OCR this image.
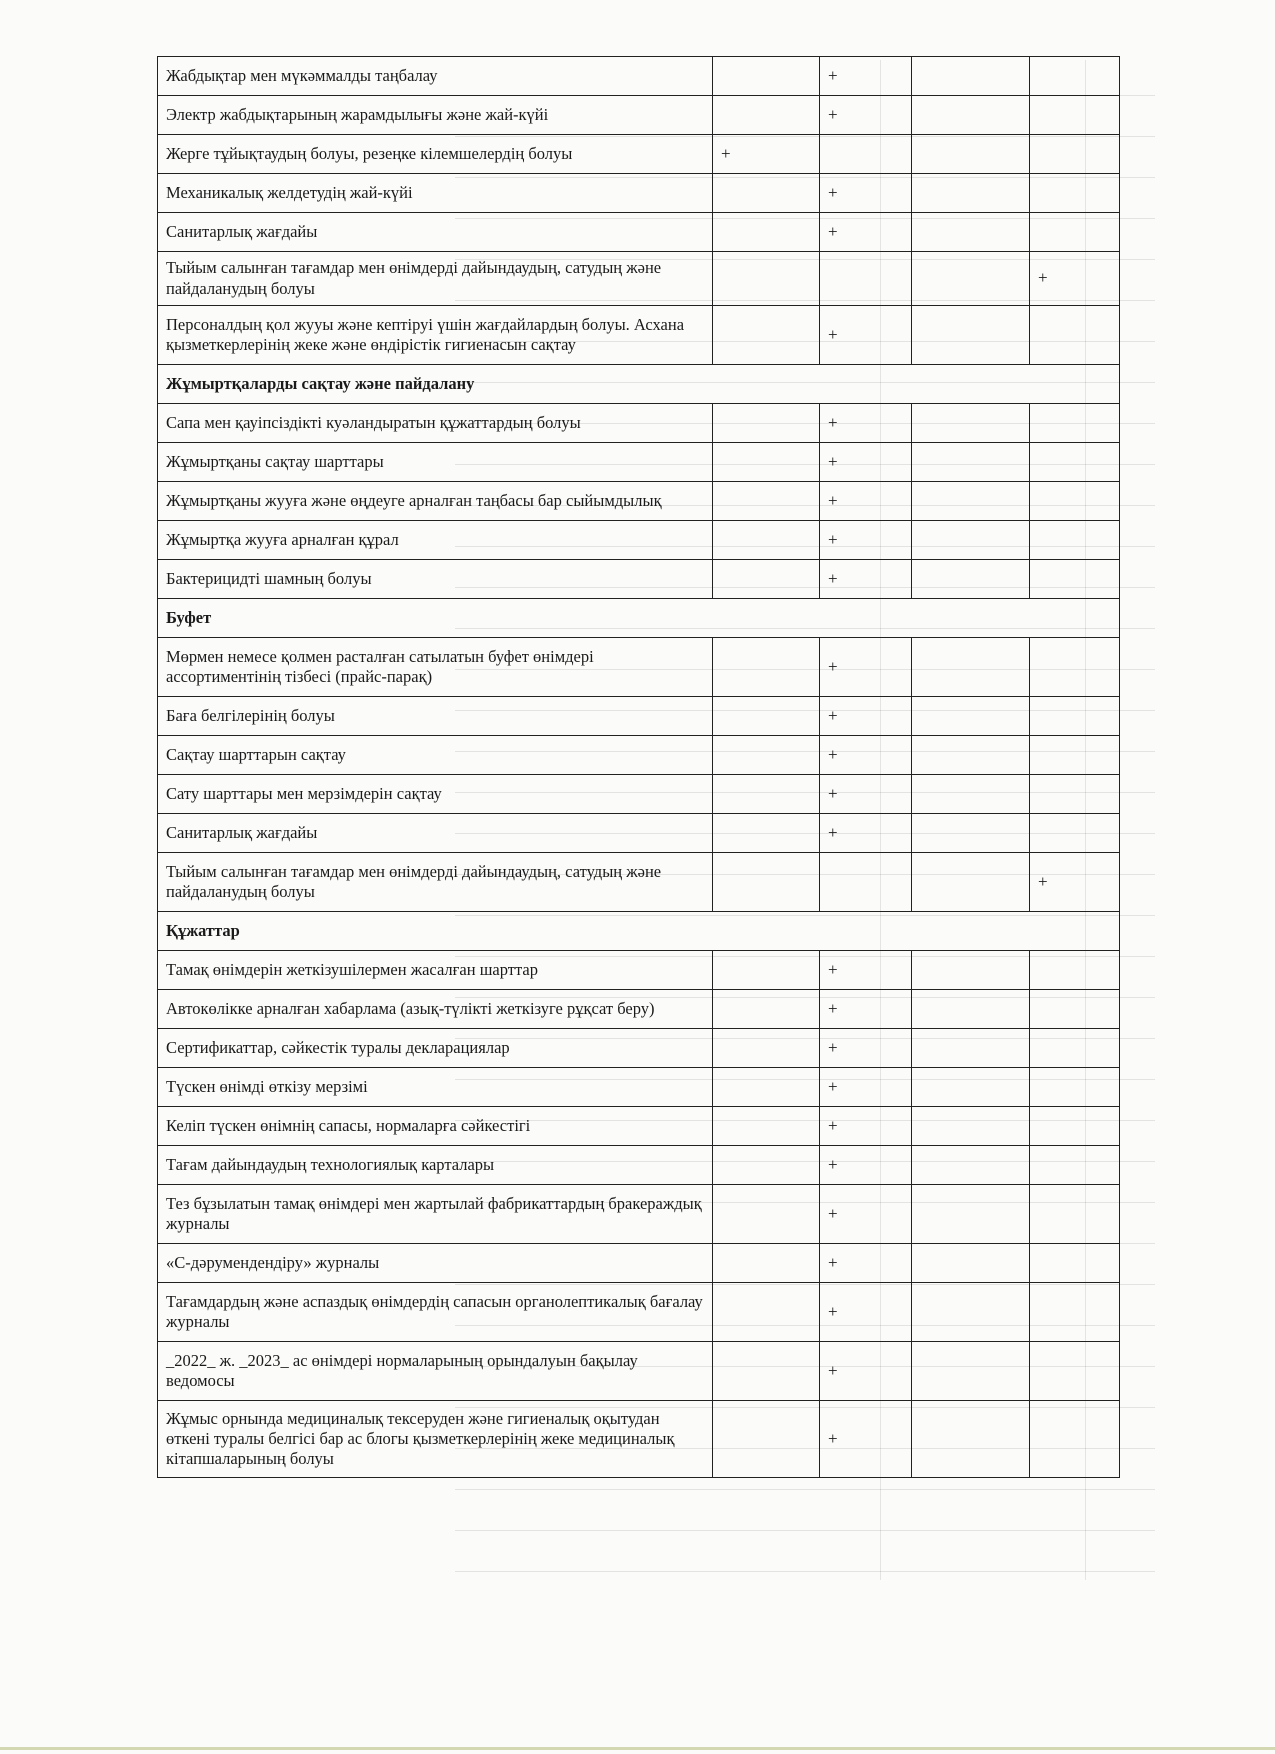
Жабдықтар мен мүкәммалды таңбалау		+		
Электр жабдықтарының жарамдылығы және жай-күйі		+		
Жерге тұйықтаудың болуы, резеңке кілемшелердің болуы	+			
Механикалық желдетудің жай-күйі		+		
Санитарлық жағдайы		+		
Тыйым салынған тағамдар мен өнімдерді дайындаудың, сатудың және пайдаланудың болуы				+
Персоналдың қол жууы және кептіруі үшін жағдайлардың болуы. Асхана қызметкерлерінің жеке және өндірістік гигиенасын сақтау		+		
Жұмыртқаларды сақтау және пайдалану				
Сапа мен қауіпсіздікті куәландыратын құжаттардың болуы		+		
Жұмыртқаны сақтау шарттары		+		
Жұмыртқаны жууға және өңдеуге арналған таңбасы бар сыйымдылық		+		
Жұмыртқа жууға арналған құрал		+		
Бактерицидті шамның болуы		+		
Буфет				
Мөрмен немесе қолмен расталған сатылатын буфет өнімдері ассортиментінің тізбесі (прайс-парақ)		+		
Баға белгілерінің болуы		+		
Сақтау шарттарын сақтау		+		
Сату шарттары мен мерзімдерін сақтау		+		
Санитарлық жағдайы		+		
Тыйым салынған тағамдар мен өнімдерді дайындаудың, сатудың және пайдаланудың болуы				+
Құжаттар				
Тамақ өнімдерін жеткізушілермен жасалған шарттар		+		
Автокөлікке арналған хабарлама (азық-түлікті жеткізуге рұқсат беру)		+		
Сертификаттар, сәйкестік туралы декларациялар		+		
Түскен өнімді өткізу мерзімі		+		
Келіп түскен өнімнің сапасы, нормаларға сәйкестігі		+		
Тағам дайындаудың технологиялық карталары		+		
Тез бұзылатын тамақ өнімдері мен жартылай фабрикаттардың бракераждық журналы		+		
«С-дәрумендендіру» журналы		+		
Тағамдардың және аспаздық өнімдердің сапасын органолептикалық бағалау журналы		+		
_2022_ ж. _2023_ ас өнімдері нормаларының орындалуын бақылау ведомосы		+		
Жұмыс орнында медициналық тексеруден және гигиеналық оқытудан өткені туралы белгісі бар ас блогы қызметкерлерінің жеке медициналық кітапшаларының болуы		+		
